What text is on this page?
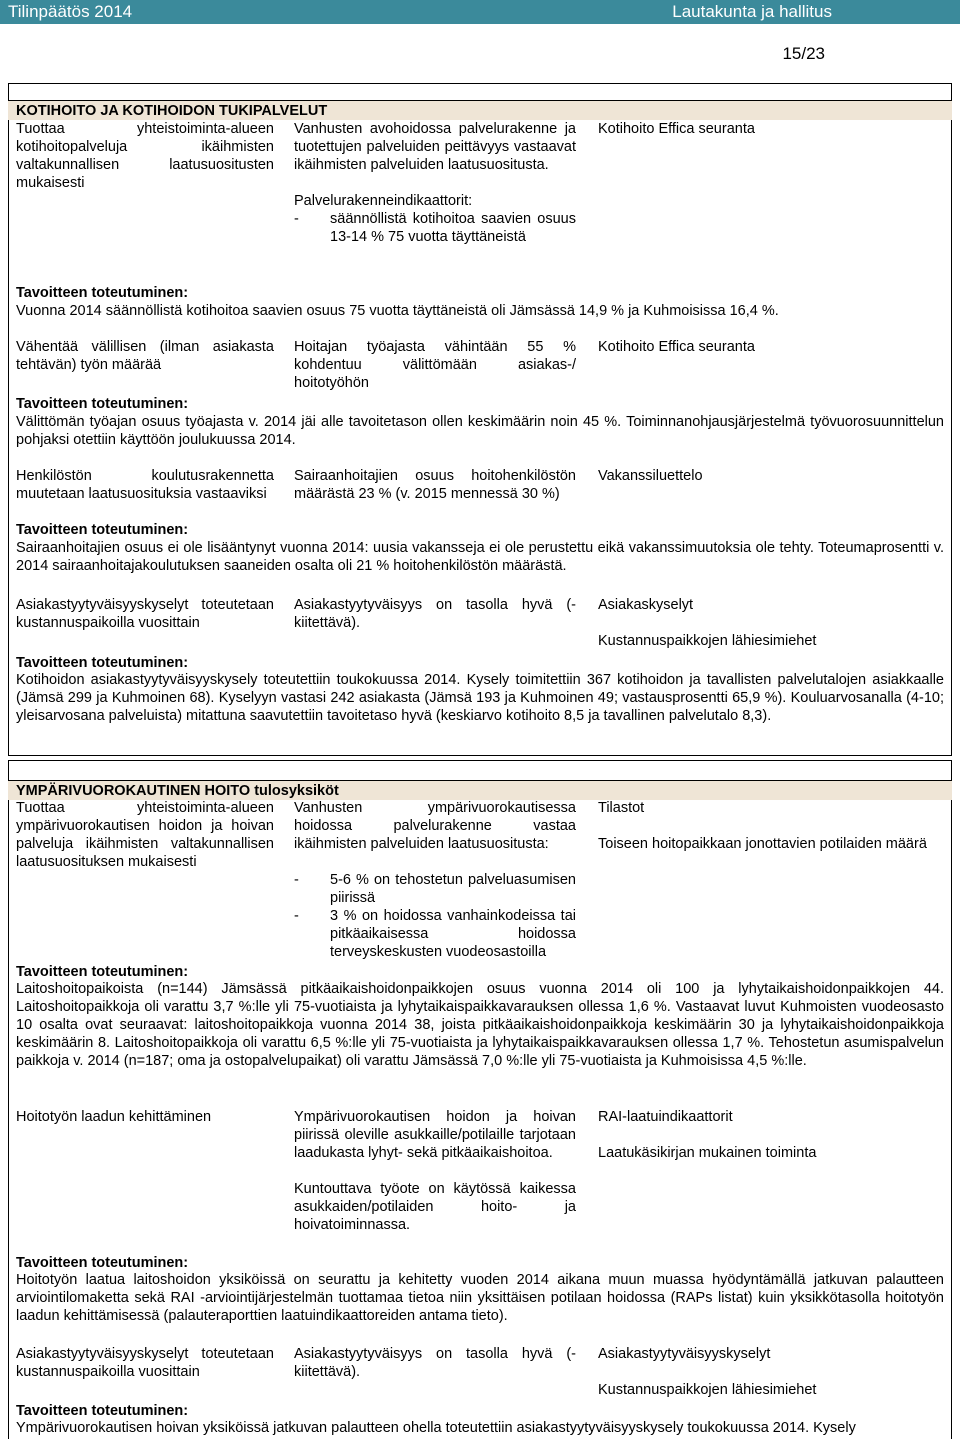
Tilinpäätös 2014	Lautakunta ja hallitus
15/23
KOTIHOITO JA KOTIHOIDON TUKIPALVELUT
Tuottaa yhteistoiminta-alueen kotihoitopalveluja ikäihmisten valtakunnallisen laatusuositusten mukaisesti
Vanhusten avohoidossa palvelurakenne ja tuotettujen palveluiden peittävyys vastaavat ikäihmisten palveluiden laatusuositusta.
Palvelurakenneindikaattorit:
- säännöllistä kotihoitoa saavien osuus 13-14 % 75 vuotta täyttäneistä
Kotihoito Effica seuranta
Tavoitteen toteutuminen:
Vuonna 2014 säännöllistä kotihoitoa saavien osuus 75 vuotta täyttäneistä oli Jämsässä 14,9 % ja Kuhmoisissa 16,4 %.
Vähentää välillisen (ilman asiakasta tehtävän) työn määrää
Hoitajan työajasta vähintään 55 % kohdentuu välittömään asiakas-/ hoitotyöhön
Kotihoito Effica seuranta
Tavoitteen toteutuminen:
Välittömän työajan osuus työajasta v. 2014 jäi alle tavoitetason ollen keskimäärin noin 45 %. Toiminnanohjausjärjestelmä työvuorosuunnittelun pohjaksi otettiin käyttöön joulukuussa 2014.
Henkilöstön koulutusrakennetta muutetaan laatusuosituksia vastaaviksi
Sairaanhoitajien osuus hoitohenkilöstön määrästä 23 % (v. 2015 mennessä 30 %)
Vakanssiluettelo
Tavoitteen toteutuminen:
Sairaanhoitajien osuus ei ole lisääntynyt vuonna 2014: uusia vakansseja ei ole perustettu eikä vakanssimuutoksia ole tehty. Toteumaprosentti v. 2014 sairaanhoitajakoulutuksen saaneiden osalta oli 21 % hoitohenkilöstön määrästä.
Asiakastyytyväisyyskyselyt toteutetaan kustannuspaikoilla vuosittain
Asiakastyytyväisyys on tasolla hyvä (- kiitettävä).
Asiakaskyselyt
Kustannuspaikkojen lähiesimiehet
Tavoitteen toteutuminen:
Kotihoidon asiakastyytyväisyyskysely toteutettiin toukokuussa 2014. Kysely toimitettiin 367 kotihoidon ja tavallisten palvelutalojen asiakkaalle (Jämsä 299 ja Kuhmoinen 68). Kyselyyn vastasi 242 asiakasta (Jämsä 193 ja Kuhmoinen 49; vastausprosentti 65,9 %). Kouluarvosanalla (4-10; yleisarvosana palveluista) mitattuna saavutettiin tavoitetaso hyvä (keskiarvo kotihoito 8,5 ja tavallinen palvelutalo 8,3).
YMPÄRIVUOROKAUTINEN HOITO tulosyksiköt
Tuottaa yhteistoiminta-alueen ympärivuorokautisen hoidon ja hoivan palveluja ikäihmisten valtakunnallisen laatusuosituksen mukaisesti
Vanhusten ympärivuorokautisessa hoidossa palvelurakenne vastaa ikäihmisten palveluiden laatusuositusta:
- 5-6 % on tehostetun palveluasumisen piirissä
- 3 % on hoidossa vanhainkodeissa tai pitkäaikaisessa hoidossa terveyskeskusten vuodeosastoilla
Tilastot
Toiseen hoitopaikkaan jonottavien potilaiden määrä
Tavoitteen toteutuminen:
Laitoshoitopaikoista (n=144) Jämsässä pitkäaikaishoidonpaikkojen osuus vuonna 2014 oli 100 ja lyhytaikaishoidonpaikkojen 44. Laitoshoitopaikkoja oli varattu 3,7 %:lle yli 75-vuotiaista ja lyhytaikaispaikkavarauksen ollessa 1,6 %. Vastaavat luvut Kuhmoisten vuodeosasto 10 osalta ovat seuraavat: laitoshoitopaikkoja vuonna 2014 38, joista pitkäaikaishoidonpaikkoja keskimäärin 30 ja lyhytaikaishoidonpaikkoja keskimäärin 8. Laitoshoitopaikkoja oli varattu 6,5 %:lle yli 75-vuotiaista ja lyhytaikaispaikkavarauksen ollessa 1,7 %. Tehostetun asumispalvelun paikkoja v. 2014 (n=187; oma ja ostopalvelupaikat) oli varattu Jämsässä 7,0 %:lle yli 75-vuotiaista ja Kuhmoisissa 4,5 %:lle.
Hoitotyön laadun kehittäminen	Ympärivuorokautisen hoidon ja hoivan piirissä oleville asukkaille/potilaille tarjotaan laadukasta lyhyt- sekä pitkäaikaishoitoa.
Kuntouttava työote on käytössä kaikessa asukkaiden/potilaiden hoito- ja hoivatoiminnassa.
RAI-laatuindikaattorit
Laatukäsikirjan mukainen toiminta
Tavoitteen toteutuminen:
Hoitotyön laatua laitoshoidon yksiköissä on seurattu ja kehitetty vuoden 2014 aikana muun muassa hyödyntämällä jatkuvan palautteen arviointilomaketta sekä RAI -arviointijärjestelmän tuottamaa tietoa niin yksittäisen potilaan hoidossa (RAPs listat) kuin yksikkötasolla hoitotyön laadun kehittämisessä (palauteraporttien laatuindikaattoreiden antama tieto).
Asiakastyytyväisyyskyselyt toteutetaan kustannuspaikoilla vuosittain
Asiakastyytyväisyys on tasolla hyvä (- kiitettävä).
Asiakastyytyväisyyskyselyt
Kustannuspaikkojen lähiesimiehet
Tavoitteen toteutuminen:
Ympärivuorokautisen hoivan yksiköissä jatkuvan palautteen ohella toteutettiin asiakastyytyväisyyskysely toukokuussa 2014. Kysely
